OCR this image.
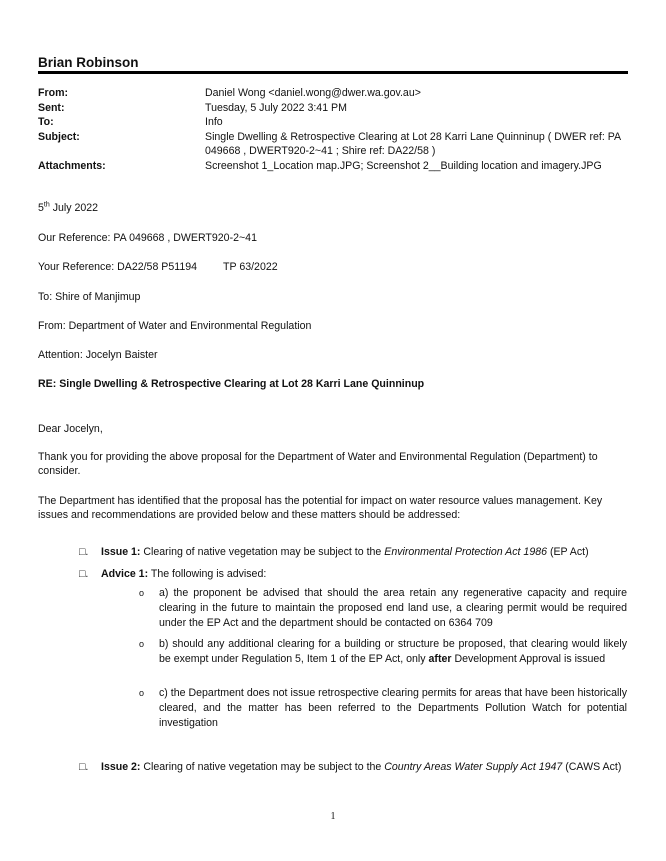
Brian Robinson
From:	Daniel Wong <daniel.wong@dwer.wa.gov.au>
Sent:	Tuesday, 5 July 2022 3:41 PM
To:	Info
Subject:	Single Dwelling & Retrospective Clearing at Lot 28 Karri Lane Quinninup ( DWER ref: PA 049668 , DWERT920-2~41 ; Shire ref: DA22/58 )
Attachments:	Screenshot 1_Location map.JPG; Screenshot 2__Building location and imagery.JPG
5th July 2022
Our Reference: PA 049668 , DWERT920-2~41
Your Reference: DA22/58 P51194 TP 63/2022
To: Shire of Manjimup
From: Department of Water and Environmental Regulation
Attention: Jocelyn Baister
RE: Single Dwelling & Retrospective Clearing at Lot 28 Karri Lane Quinninup
Dear Jocelyn,
Thank you for providing the above proposal for the Department of Water and Environmental Regulation (Department) to consider.
The Department has identified that the proposal has the potential for impact on water resource values management. Key issues and recommendations are provided below and these matters should be addressed:
□. Issue 1: Clearing of native vegetation may be subject to the Environmental Protection Act 1986 (EP Act)
□. Advice 1: The following is advised:
o a) the proponent be advised that should the area retain any regenerative capacity and require clearing in the future to maintain the proposed end land use, a clearing permit would be required under the EP Act and the department should be contacted on 6364 709
o b) should any additional clearing for a building or structure be proposed, that clearing would likely be exempt under Regulation 5, Item 1 of the EP Act, only after Development Approval is issued
o c) the Department does not issue retrospective clearing permits for areas that have been historically cleared, and the matter has been referred to the Departments Pollution Watch for potential investigation
□. Issue 2: Clearing of native vegetation may be subject to the Country Areas Water Supply Act 1947 (CAWS Act)
1
